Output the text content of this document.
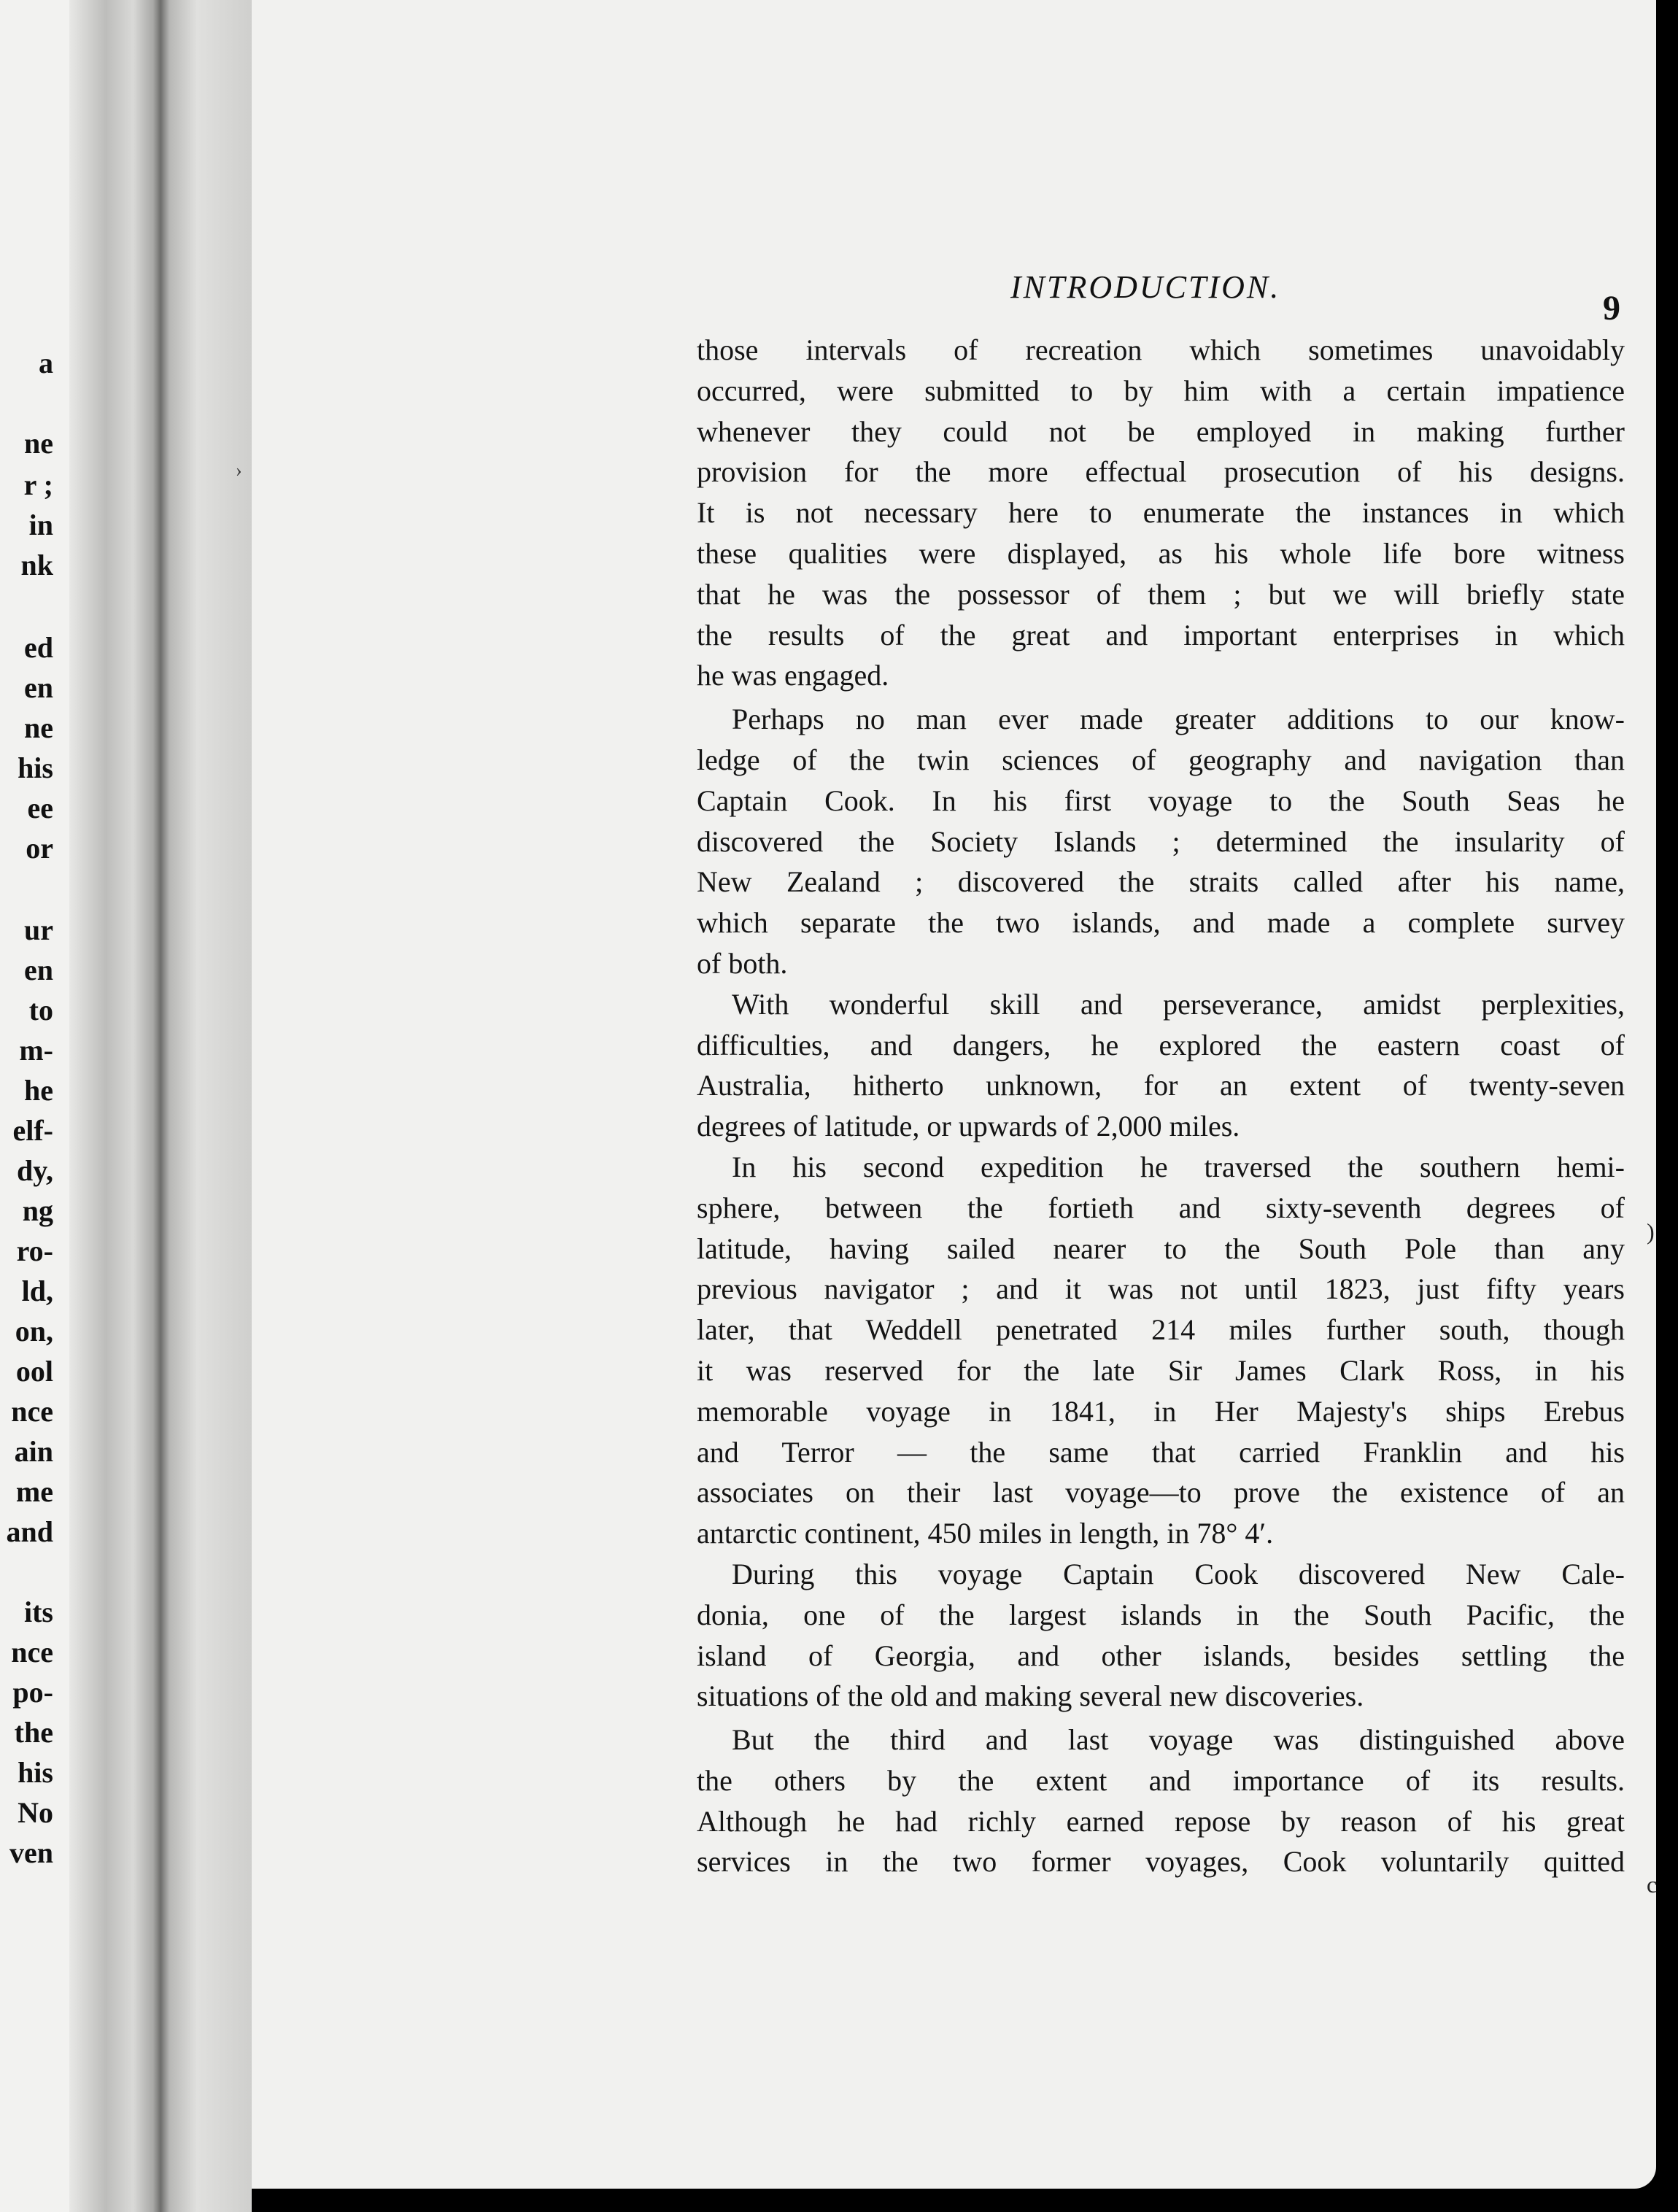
a
ne
r ;
in
nk
ed
en
ne
his
ee
or
ur
en
to
m-
he
elf-
dy,
ng
ro-
ld,
on,
ool
nce
ain
me
and
its
nce
po-
the
his
No
ven
›
INTRODUCTION.
9
those intervals of recreation which sometimes unavoidably
occurred, were submitted to by him with a certain impatience
whenever they could not be employed in making further
provision for the more effectual prosecution of his designs.
It is not necessary here to enumerate the instances in which
these qualities were displayed, as his whole life bore witness
that he was the possessor of them ; but we will briefly state
the results of the great and important enterprises in which
he was engaged.
Perhaps no man ever made greater additions to our know-
ledge of the twin sciences of geography and navigation than
Captain Cook. In his first voyage to the South Seas he
discovered the Society Islands ; determined the insularity of
New Zealand ; discovered the straits called after his name,
which separate the two islands, and made a complete survey
of both.
With wonderful skill and perseverance, amidst perplexities,
difficulties, and dangers, he explored the eastern coast of
Australia, hitherto unknown, for an extent of twenty-seven
degrees of latitude, or upwards of 2,000 miles.
In his second expedition he traversed the southern hemi-
sphere, between the fortieth and sixty-seventh degrees of
latitude, having sailed nearer to the South Pole than any
previous navigator ; and it was not until 1823, just fifty years
later, that Weddell penetrated 214 miles further south, though
it was reserved for the late Sir James Clark Ross, in his
memorable voyage in 1841, in Her Majesty's ships Erebus
and Terror — the same that carried Franklin and his
associates on their last voyage—to prove the existence of an
antarctic continent, 450 miles in length, in 78° 4′.
During this voyage Captain Cook discovered New Cale-
donia, one of the largest islands in the South Pacific, the
island of Georgia, and other islands, besides settling the
situations of the old and making several new discoveries.
But the third and last voyage was distinguished above
the others by the extent and importance of its results.
Although he had richly earned repose by reason of his great
services in the two former voyages, Cook voluntarily quitted
)
c
